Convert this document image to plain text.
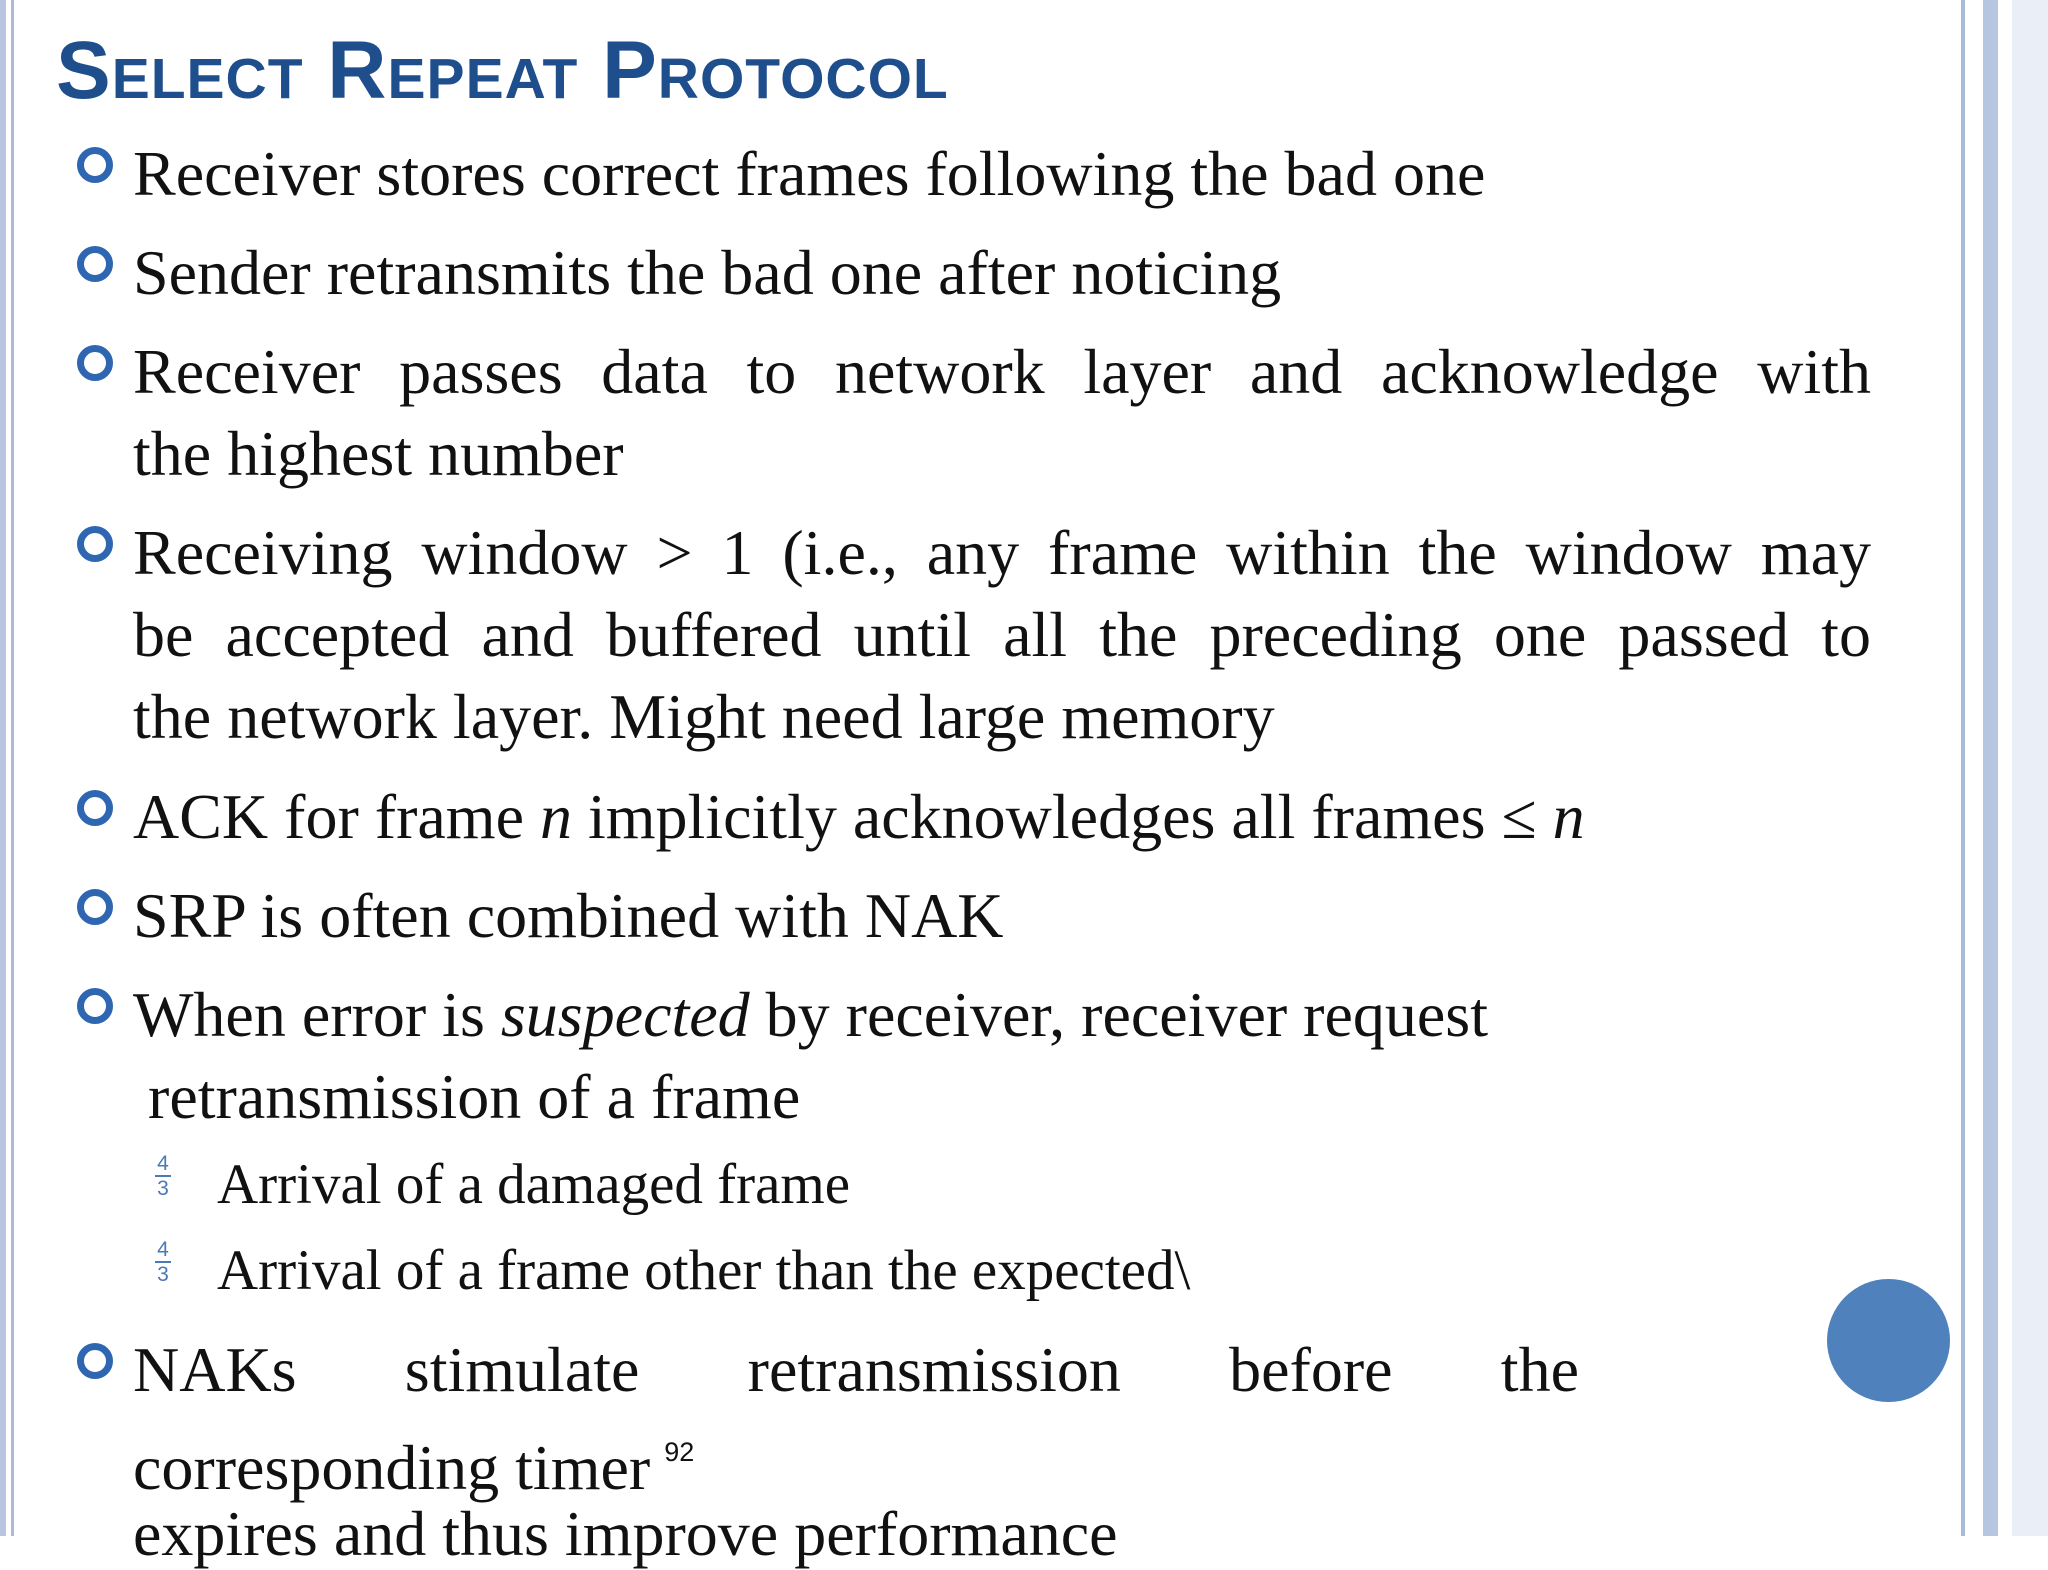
Select Repeat Protocol

Receiver stores correct frames following the bad one

Sender retransmits the bad one after noticing

Receiver passes data to network layer and acknowledge with

the highest number

Receiving window > 1 (i.e., any frame within the window may

be accepted and buffered until all the preceding one passed to

the network layer. Might need large memory

ACK for frame n implicitly acknowledges all frames ≤ n

SRP is often combined with NAK

When error is suspected by receiver, receiver request

retransmission of a frame

4
3 Arrival of a damaged frame

4
3 Arrival of a frame other than the expected\

NAKs stimulate retransmission before the

corresponding timer $^{92}$

expires and thus improve performance
